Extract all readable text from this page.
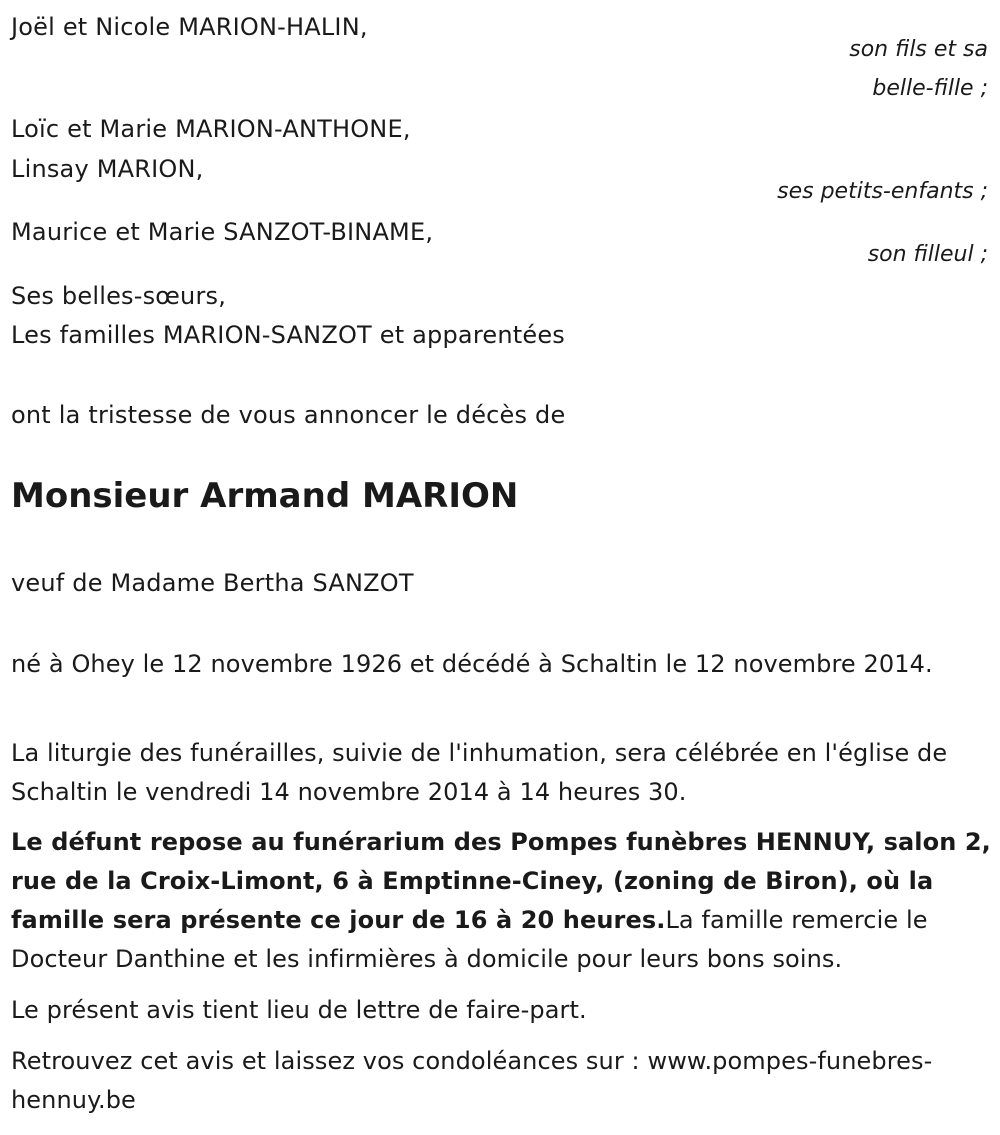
Joël et Nicole MARION-HALIN,
son fils et sa
belle-fille ;
Loïc et Marie MARION-ANTHONE,
Linsay MARION,
ses petits-enfants ;
Maurice et Marie SANZOT-BINAME,
son filleul ;
Ses belles-sœurs,
Les familles MARION-SANZOT et apparentées
ont la tristesse de vous annoncer le décès de
Monsieur Armand MARION
veuf de Madame Bertha SANZOT
né à Ohey le 12 novembre 1926 et décédé à Schaltin le 12 novembre 2014.
La liturgie des funérailles, suivie de l'inhumation, sera célébrée en l'église de Schaltin le vendredi 14 novembre 2014 à 14 heures 30.
Le défunt repose au funérarium des Pompes funèbres HENNUY, salon 2, rue de la Croix-Limont, 6 à Emptinne-Ciney, (zoning de Biron), où la famille sera présente ce jour de 16 à 20 heures.La famille remercie le Docteur Danthine et les infirmières à domicile pour leurs bons soins.
Le présent avis tient lieu de lettre de faire-part.
Retrouvez cet avis et laissez vos condoléances sur : www.pompes-funebres-hennuy.be
